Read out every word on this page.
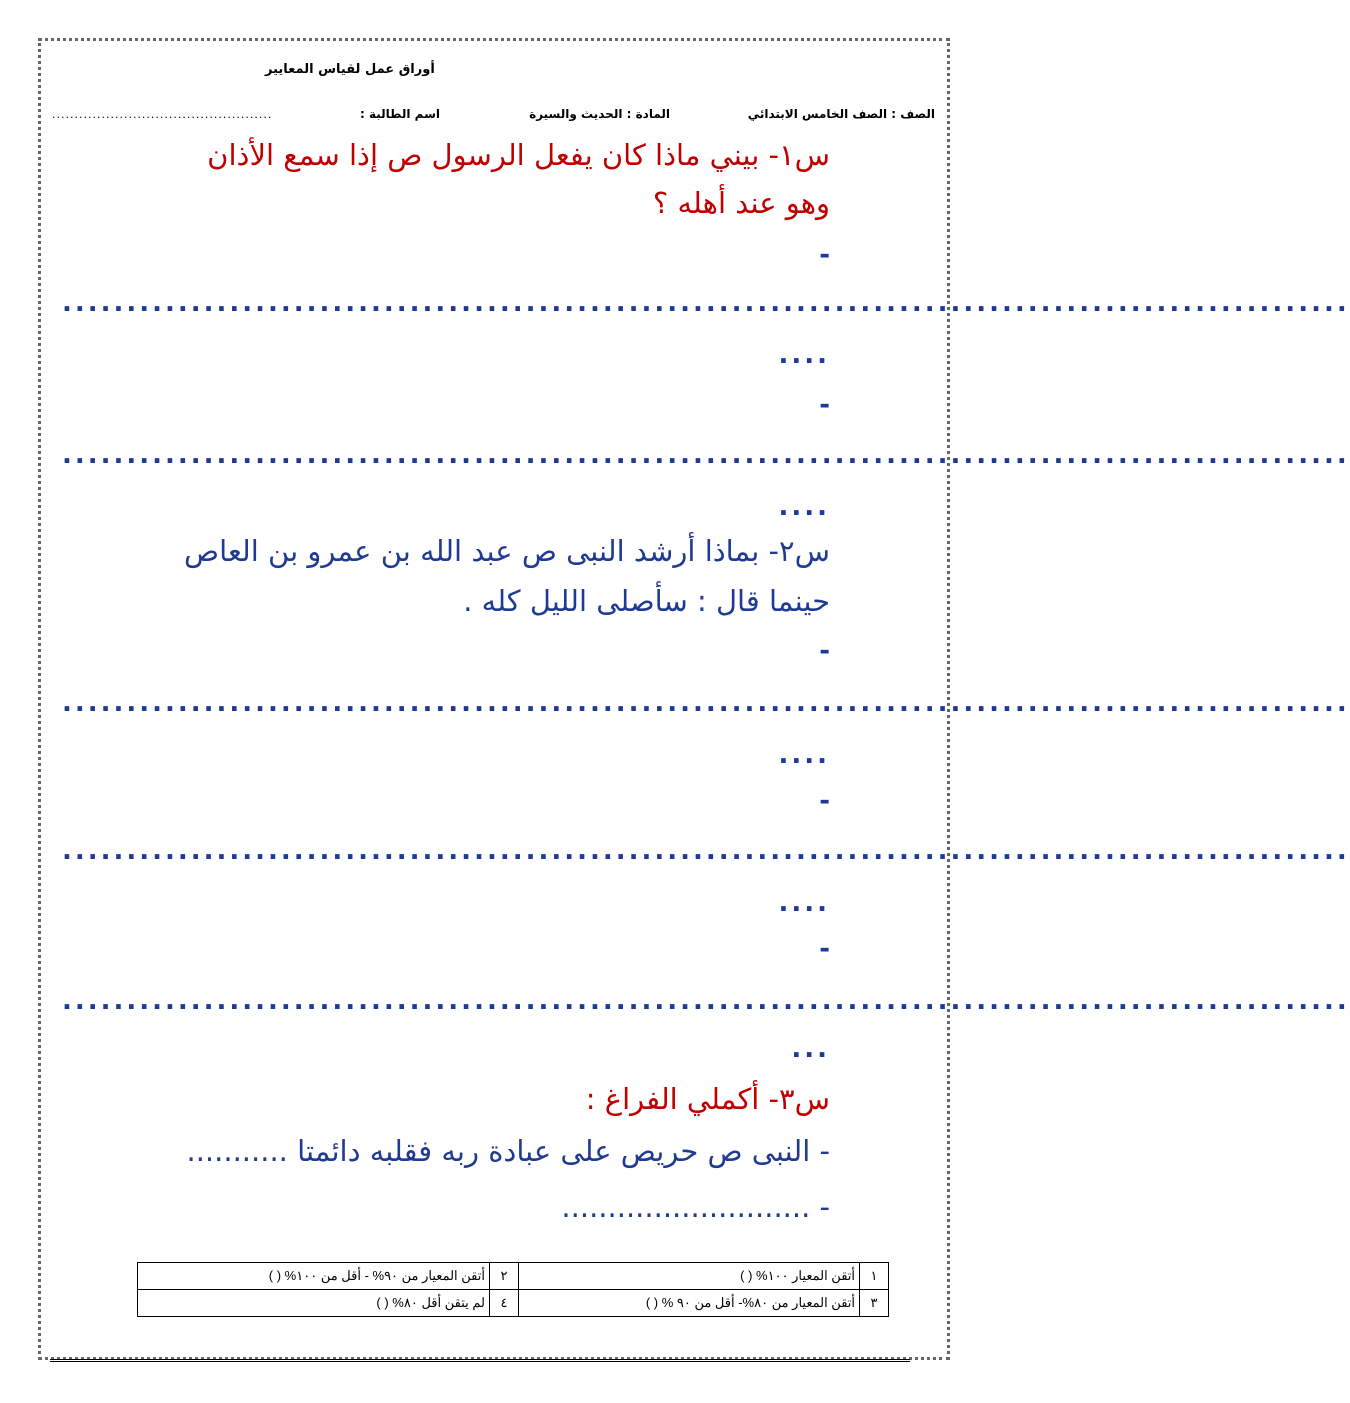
أوراق عمل لقياس المعايير
الصف : الصف الخامس الابتدائي
المادة : الحديث والسيرة
اسم الطالبة :
.................................................
س١- بيني ماذا كان يفعل الرسول ص إذا سمع الأذان
وهو عند أهله ؟
-
....................................................................................................
....
-
....................................................................................................
....
س٢- بماذا أرشد النبى ص عبد الله بن عمرو بن العاص
حينما قال : سأصلى الليل كله .
-
....................................................................................................
....
-
....................................................................................................
....
-
....................................................................................................
...
س٣- أكملي الفراغ :
- النبى ص حريص على عبادة ربه فقلبه دائمتا ...........
- ...........................
١	أتقن المعيار ١٠٠% ( )	٢	أتقن المعيار من ٩٠% - أقل من ١٠٠% ( )
٣	أتقن المعيار من ٨٠%- أقل من ٩٠ % ( )	٤	لم يتقن أقل ٨٠% ( )
